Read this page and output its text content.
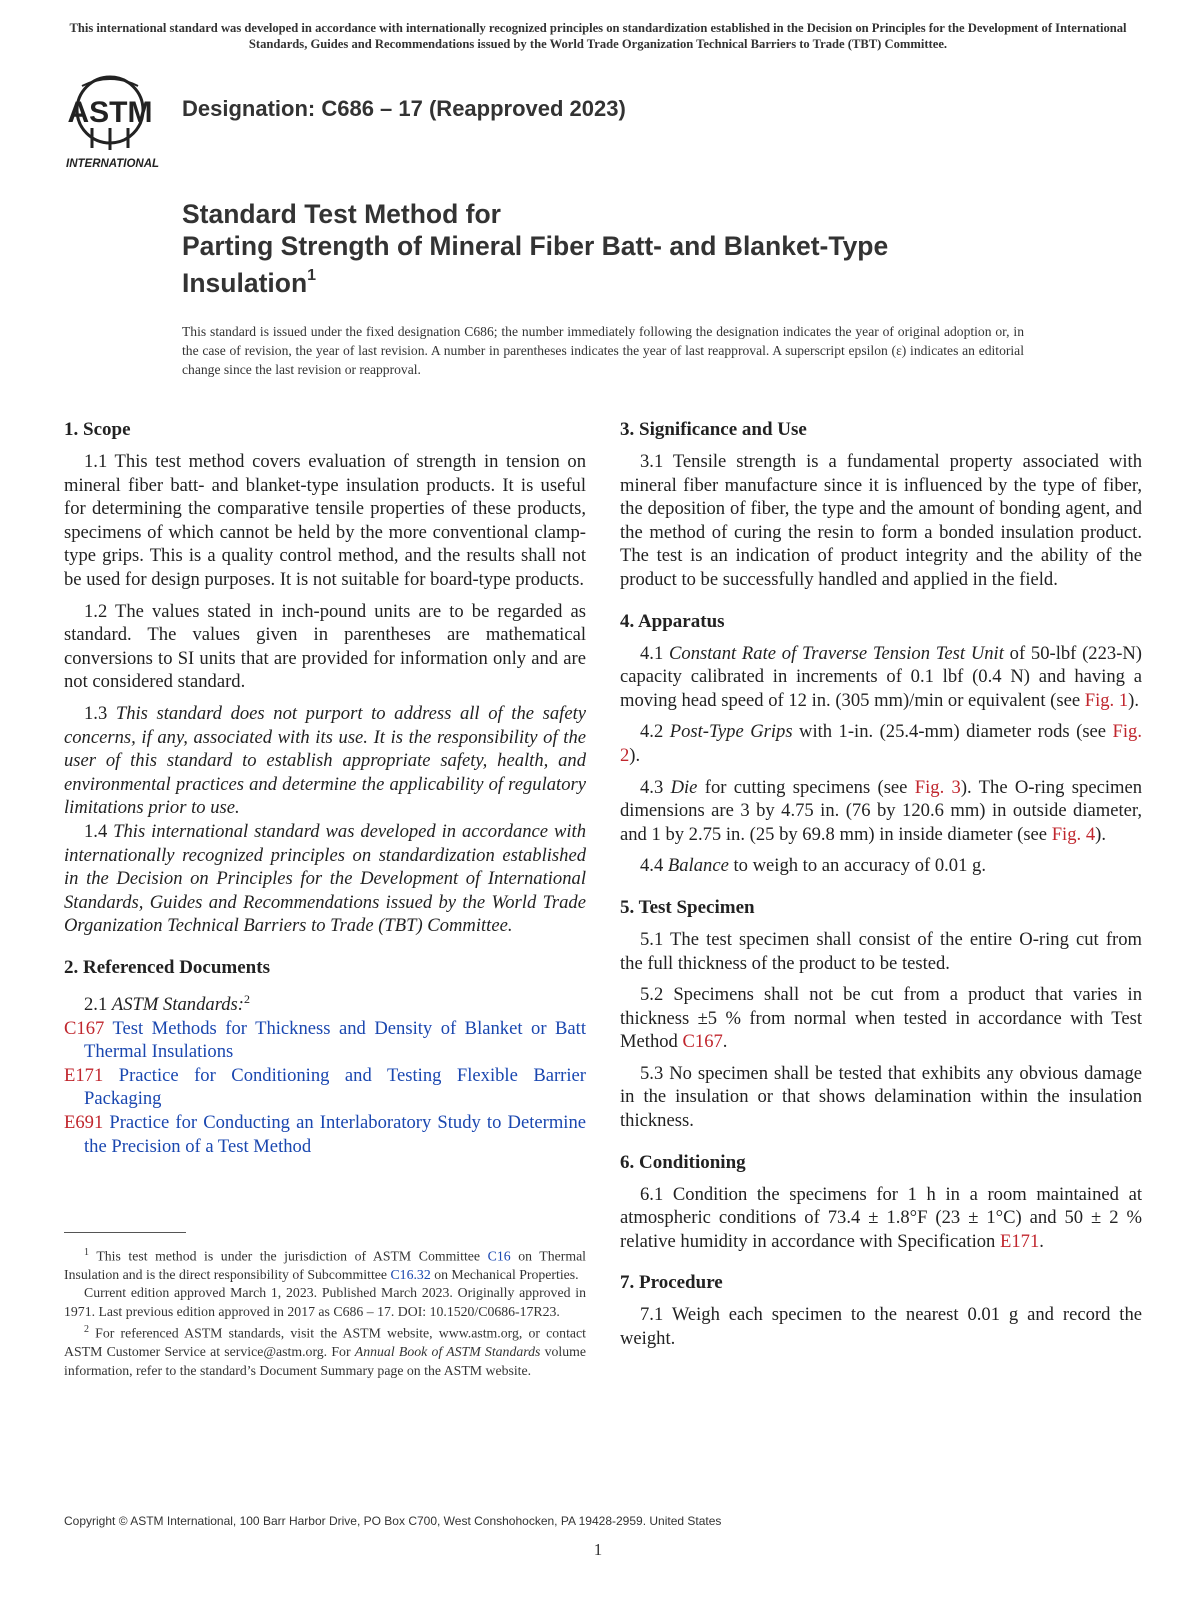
This international standard was developed in accordance with internationally recognized principles on standardization established in the Decision on Principles for the Development of International Standards, Guides and Recommendations issued by the World Trade Organization Technical Barriers to Trade (TBT) Committee.
ASTM
INTERNATIONAL
Designation: C686 – 17 (Reapproved 2023)
Standard Test Method for
Parting Strength of Mineral Fiber Batt- and Blanket-Type
Insulation$^1$
This standard is issued under the fixed designation C686; the number immediately following the designation indicates the year of original adoption or, in the case of revision, the year of last revision. A number in parentheses indicates the year of last reapproval. A superscript epsilon (ε) indicates an editorial change since the last revision or reapproval.
1. Scope

1.1 This test method covers evaluation of strength in tension on mineral fiber batt- and blanket-type insulation products. It is useful for determining the comparative tensile properties of these products, specimens of which cannot be held by the more conventional clamp-type grips. This is a quality control method, and the results shall not be used for design purposes. It is not suitable for board-type products.

1.2 The values stated in inch-pound units are to be regarded as standard. The values given in parentheses are mathematical conversions to SI units that are provided for information only and are not considered standard.

1.3 This standard does not purport to address all of the safety concerns, if any, associated with its use. It is the responsibility of the user of this standard to establish appropriate safety, health, and environmental practices and determine the applicability of regulatory limitations prior to use.

1.4 This international standard was developed in accordance with internationally recognized principles on standardization established in the Decision on Principles for the Development of International Standards, Guides and Recommendations issued by the World Trade Organization Technical Barriers to Trade (TBT) Committee.

2. Referenced Documents

2.1 ASTM Standards:$^2$

C167 Test Methods for Thickness and Density of Blanket or Batt Thermal Insulations
E171 Practice for Conditioning and Testing Flexible Barrier Packaging
E691 Practice for Conducting an Interlaboratory Study to Determine the Precision of a Test Method
3. Significance and Use

3.1 Tensile strength is a fundamental property associated with mineral fiber manufacture since it is influenced by the type of fiber, the deposition of fiber, the type and the amount of bonding agent, and the method of curing the resin to form a bonded insulation product. The test is an indication of product integrity and the ability of the product to be successfully handled and applied in the field.

4. Apparatus

4.1 Constant Rate of Traverse Tension Test Unit of 50-lbf (223-N) capacity calibrated in increments of 0.1 lbf (0.4 N) and having a moving head speed of 12 in. (305 mm)/min or equivalent (see Fig. 1).

4.2 Post-Type Grips with 1-in. (25.4-mm) diameter rods (see Fig. 2).

4.3 Die for cutting specimens (see Fig. 3). The O-ring specimen dimensions are 3 by 4.75 in. (76 by 120.6 mm) in outside diameter, and 1 by 2.75 in. (25 by 69.8 mm) in inside diameter (see Fig. 4).

4.4 Balance to weigh to an accuracy of 0.01 g.

5. Test Specimen

5.1 The test specimen shall consist of the entire O-ring cut from the full thickness of the product to be tested.

5.2 Specimens shall not be cut from a product that varies in thickness ±5 % from normal when tested in accordance with Test Method C167.

5.3 No specimen shall be tested that exhibits any obvious damage in the insulation or that shows delamination within the insulation thickness.

6. Conditioning

6.1 Condition the specimens for 1 h in a room maintained at atmospheric conditions of 73.4 ± 1.8°F (23 ± 1°C) and 50 ± 2 % relative humidity in accordance with Specification E171.

7. Procedure

7.1 Weigh each specimen to the nearest 0.01 g and record the weight.

$^1$ This test method is under the jurisdiction of ASTM Committee C16 on Thermal Insulation and is the direct responsibility of Subcommittee C16.32 on Mechanical Properties.

Current edition approved March 1, 2023. Published March 2023. Originally approved in 1971. Last previous edition approved in 2017 as C686 – 17. DOI: 10.1520/C0686-17R23.

$^2$ For referenced ASTM standards, visit the ASTM website, www.astm.org, or contact ASTM Customer Service at service@astm.org. For Annual Book of ASTM Standards volume information, refer to the standard’s Document Summary page on the ASTM website.

Copyright © ASTM International, 100 Barr Harbor Drive, PO Box C700, West Conshohocken, PA 19428-2959. United States
1
